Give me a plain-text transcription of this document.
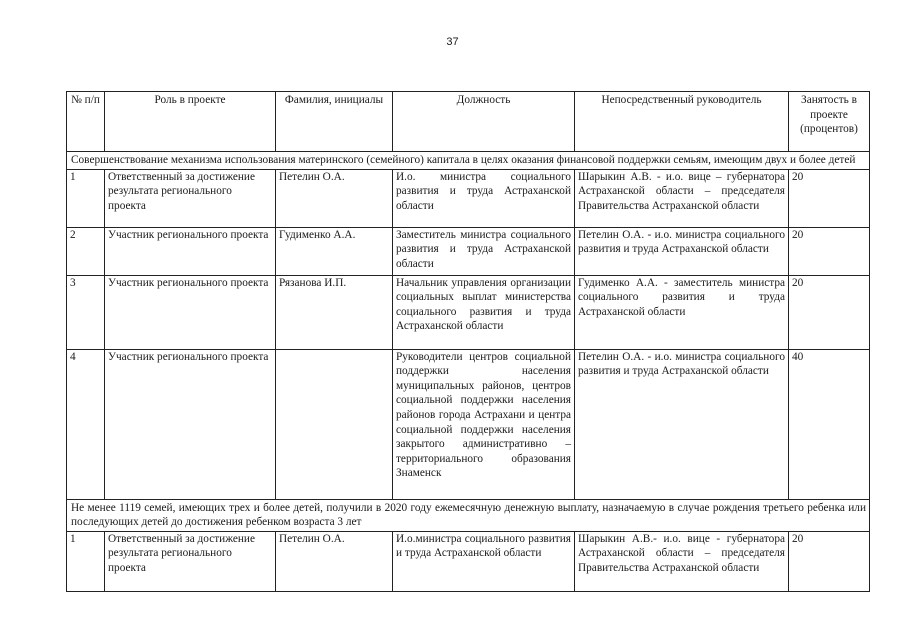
37
№ п/п	Роль в проекте	Фамилия, инициалы	Должность	Непосредственный руководитель	Занятость в проекте (процентов)
Совершенствование механизма использования материнского (семейного) капитала в целях оказания финансовой поддержки семьям, имеющим двух и более детей					
1	Ответственный за достижение результата регионального проекта	Петелин О.А.	И.о. министра социального развития и труда Астраханской области	Шарыкин А.В. - и.о. вице – губернатора Астраханской области – председателя Правительства Астраханской области	20
2	Участник регионального проекта	Гудименко А.А.	Заместитель министра социального развития и труда Астраханской области	Петелин О.А. - и.о. министра социального развития и труда Астраханской области	20
3	Участник регионального проекта	Рязанова И.П.	Начальник управления организации социальных выплат министерства социального развития и труда Астраханской области	Гудименко А.А. - заместитель министра социального развития и труда Астраханской области	20
4	Участник регионального проекта		Руководители центров социальной поддержки населения муниципальных районов, центров социальной поддержки населения районов города Астрахани и центра социальной поддержки населения закрытого административно – территориального образования Знаменск	Петелин О.А. - и.о. министра социального развития и труда Астраханской области	40
Не менее 1119 семей, имеющих трех и более детей, получили в 2020 году ежемесячную денежную выплату, назначаемую в случае рождения третьего ребенка или последующих детей до достижения ребенком возраста 3 лет					
1	Ответственный за достижение результата регионального проекта	Петелин О.А.	И.о.министра социального развития и труда Астраханской области	Шарыкин А.В.- и.о. вице - губернатора Астраханской области – председателя Правительства Астраханской области	20
